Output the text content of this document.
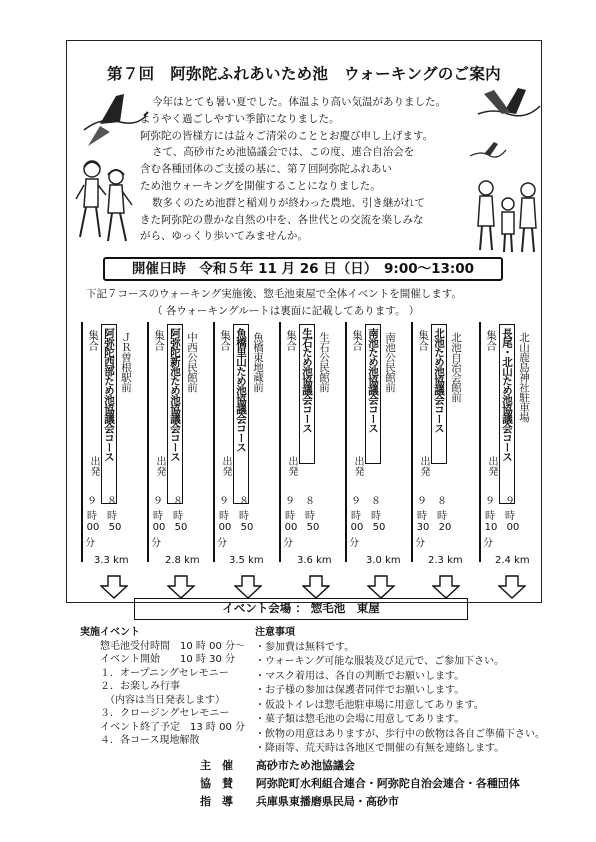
第７回　阿弥陀ふれあいため池　ウォーキングのご案内

今年はとても暑い夏でした。体温より高い気温がありました。

ようやく過ごしやすい季節になりました。

阿弥陀の皆様方には益々ご清栄のこととお慶び申し上げます。

さて、高砂市ため池協議会では、この度、連合自治会を

含む各種団体のご支援の基に、第７回阿弥陀ふれあい

ため池ウォーキングを開催することになりました。

数多くのため池群と稲刈りが終わった農地、引き継がれて

きた阿弥陀の豊かな自然の中を、各世代との交流を楽しみな

がら、ゆっくり歩いてみませんか。

開催日時　令和５年 11 月 26 日（日）　9:00～13:00
下記７コースのウォーキング実施後、惣毛池東屋で全体イベントを開催します。
（ 各ウォーキングルートは裏面に記載してあります。 ）
集合 阿弥陀西部ため池協議会コース ＪＲ曽根駅前
出発
９ ８
時 時
00 50
分
集合 阿弥陀新池ため池協議会コース 中西公民館前
出発
９ ８
時 時
00 50
分
集合 魚橋里山ため池協議会コース 魚橋東地蔵前
出発
９ ８
時 時
00 50
分
集合 生石ため池協議会コース 生石公民館前
出発
９ ８
時 時
00 50
分
集合 南池ため池協議会コース 南池公民館前
出発
９ ８
時 時
00 50
分
集合 北池ため池協議会コース 北池自治会館前
出発
９ ８
時 時
30 20
分
集合 長尾・北山ため池協議会コース 北山鹿島神社駐車場
出発
９ ９
時 時
10 00
分
3.3 km	2.8 km	3.5 km	3.6 km	3.0 km	2.3 km	2.4 km
イベント会場 ： 惣毛池　東屋
実施イベント
　　惣毛池受付時間　10 時 00 分～
　　イベント開始　　10 時 30 分
　　１．オープニングセレモニー
　　２．お楽しみ行事
　　　（内容は当日発表します）
　　３．クロージングセレモニー
　　イベント終了予定　13 時 00 分
　　４．各コース現地解散
注意事項
・参加費は無料です。
・ウォーキング可能な服装及び足元で、ご参加下さい。
・マスク着用は、各自の判断でお願いします。
・お子様の参加は保護者同伴でお願いします。
・仮設トイレは惣毛池駐車場に用意してあります。
・菓子類は惣毛池の会場に用意してあります。
・飲物の用意はありますが、歩行中の飲物は各自ご準備下さい。
・降雨等、荒天時は各地区で開催の有無を連絡します。
主　催 高砂市ため池協議会
協　賛 阿弥陀町水利組合連合・阿弥陀自治会連合・各種団体
指　導 兵庫県東播磨県民局・高砂市
